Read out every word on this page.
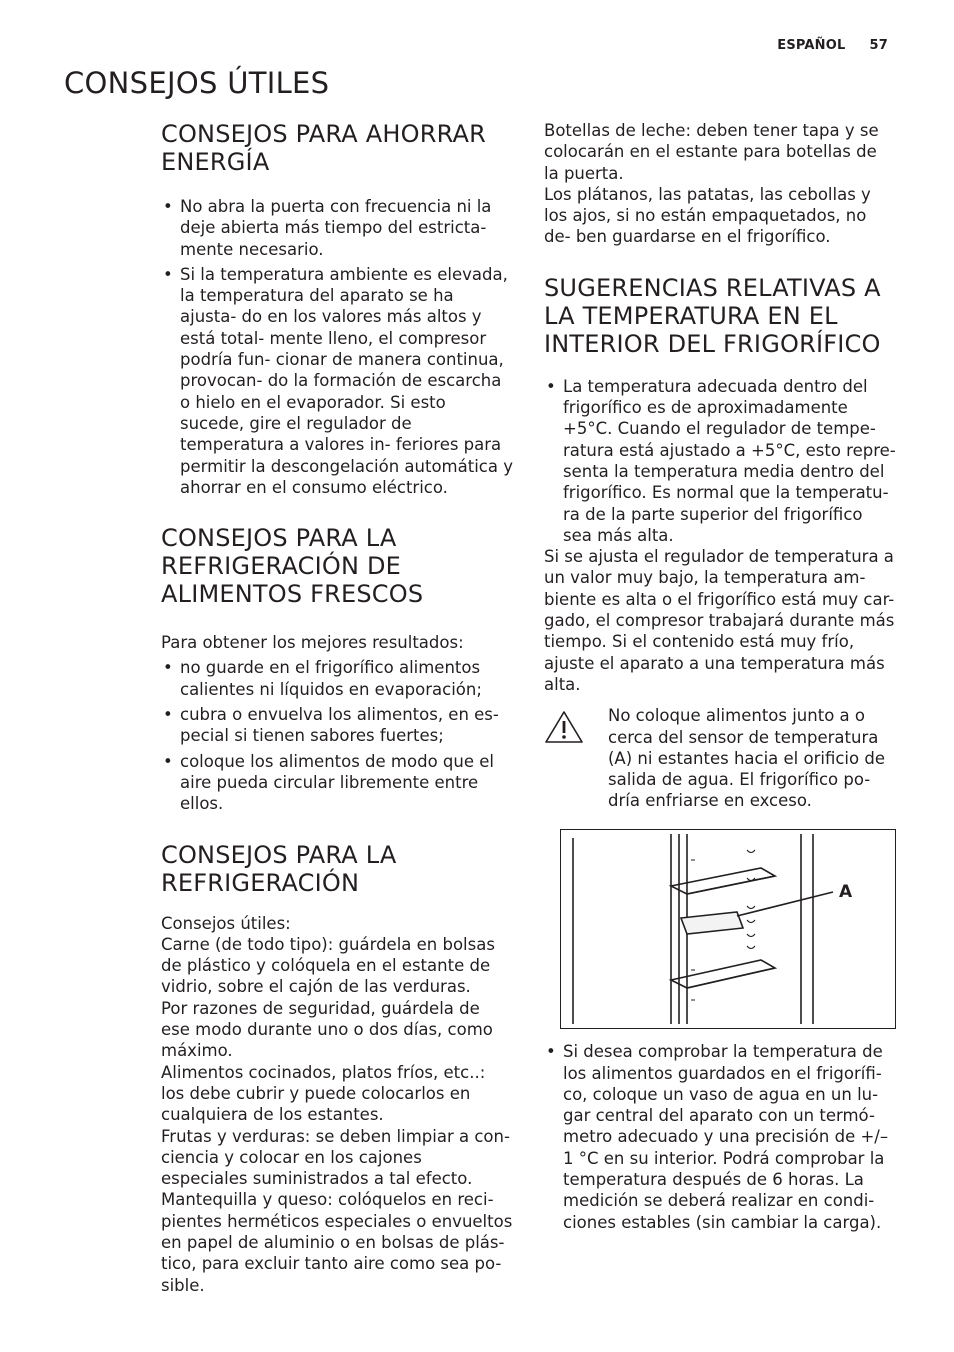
ESPAÑOL 57
CONSEJOS ÚTILES
CONSEJOS PARA AHORRAR ENERGÍA
• No abra la puerta con frecuencia ni la deje abierta más tiempo del estricta- mente necesario.
• Si la temperatura ambiente es elevada, la temperatura del aparato se ha ajusta- do en los valores más altos y está total- mente lleno, el compresor podría fun- cionar de manera continua, provocan- do la formación de escarcha o hielo en el evaporador. Si esto sucede, gire el regulador de temperatura a valores in- feriores para permitir la descongelación automática y ahorrar en el consumo eléctrico.
CONSEJOS PARA LA REFRIGERACIÓN DE ALIMENTOS FRESCOS

Para obtener los mejores resultados:

• no guarde en el frigorífico alimentos calientes ni líquidos en evaporación;
• cubra o envuelva los alimentos, en es- pecial si tienen sabores fuertes;
• coloque los alimentos de modo que el aire pueda circular libremente entre ellos.
CONSEJOS PARA LA REFRIGERACIÓN

Consejos útiles:

Carne (de todo tipo): guárdela en bolsas de plástico y colóquela en el estante de vidrio, sobre el cajón de las verduras.

Por razones de seguridad, guárdela de ese modo durante uno o dos días, como máximo.

Alimentos cocinados, platos fríos, etc..: los debe cubrir y puede colocarlos en cualquiera de los estantes.

Frutas y verduras: se deben limpiar a con- ciencia y colocar en los cajones especiales suministrados a tal efecto.

Mantequilla y queso: colóquelos en reci- pientes herméticos especiales o envueltos en papel de aluminio o en bolsas de plás- tico, para excluir tanto aire como sea po- sible.

Botellas de leche: deben tener tapa y se colocarán en el estante para botellas de la puerta.

Los plátanos, las patatas, las cebollas y los ajos, si no están empaquetados, no de- ben guardarse en el frigorífico.

SUGERENCIAS RELATIVAS A LA TEMPERATURA EN EL INTERIOR DEL FRIGORÍFICO
• La temperatura adecuada dentro del frigorífico es de aproximadamente +5°C. Cuando el regulador de tempe- ratura está ajustado a +5°C, esto repre- senta la temperatura media dentro del frigorífico. Es normal que la temperatu- ra de la parte superior del frigorífico sea más alta.

Si se ajusta el regulador de temperatura a un valor muy bajo, la temperatura am- biente es alta o el frigorífico está muy car- gado, el compresor trabajará durante más tiempo. Si el contenido está muy frío, ajuste el aparato a una temperatura más alta.

No coloque alimentos junto a o cerca del sensor de temperatura (A) ni estantes hacia el orificio de salida de agua. El frigorífico po- dría enfriarse en exceso.
A
• Si desea comprobar la temperatura de los alimentos guardados en el frigorífi- co, coloque un vaso de agua en un lu- gar central del aparato con un termó- metro adecuado y una precisión de +/– 1 °C en su interior. Podrá comprobar la temperatura después de 6 horas. La medición se deberá realizar en condi- ciones estables (sin cambiar la carga).
